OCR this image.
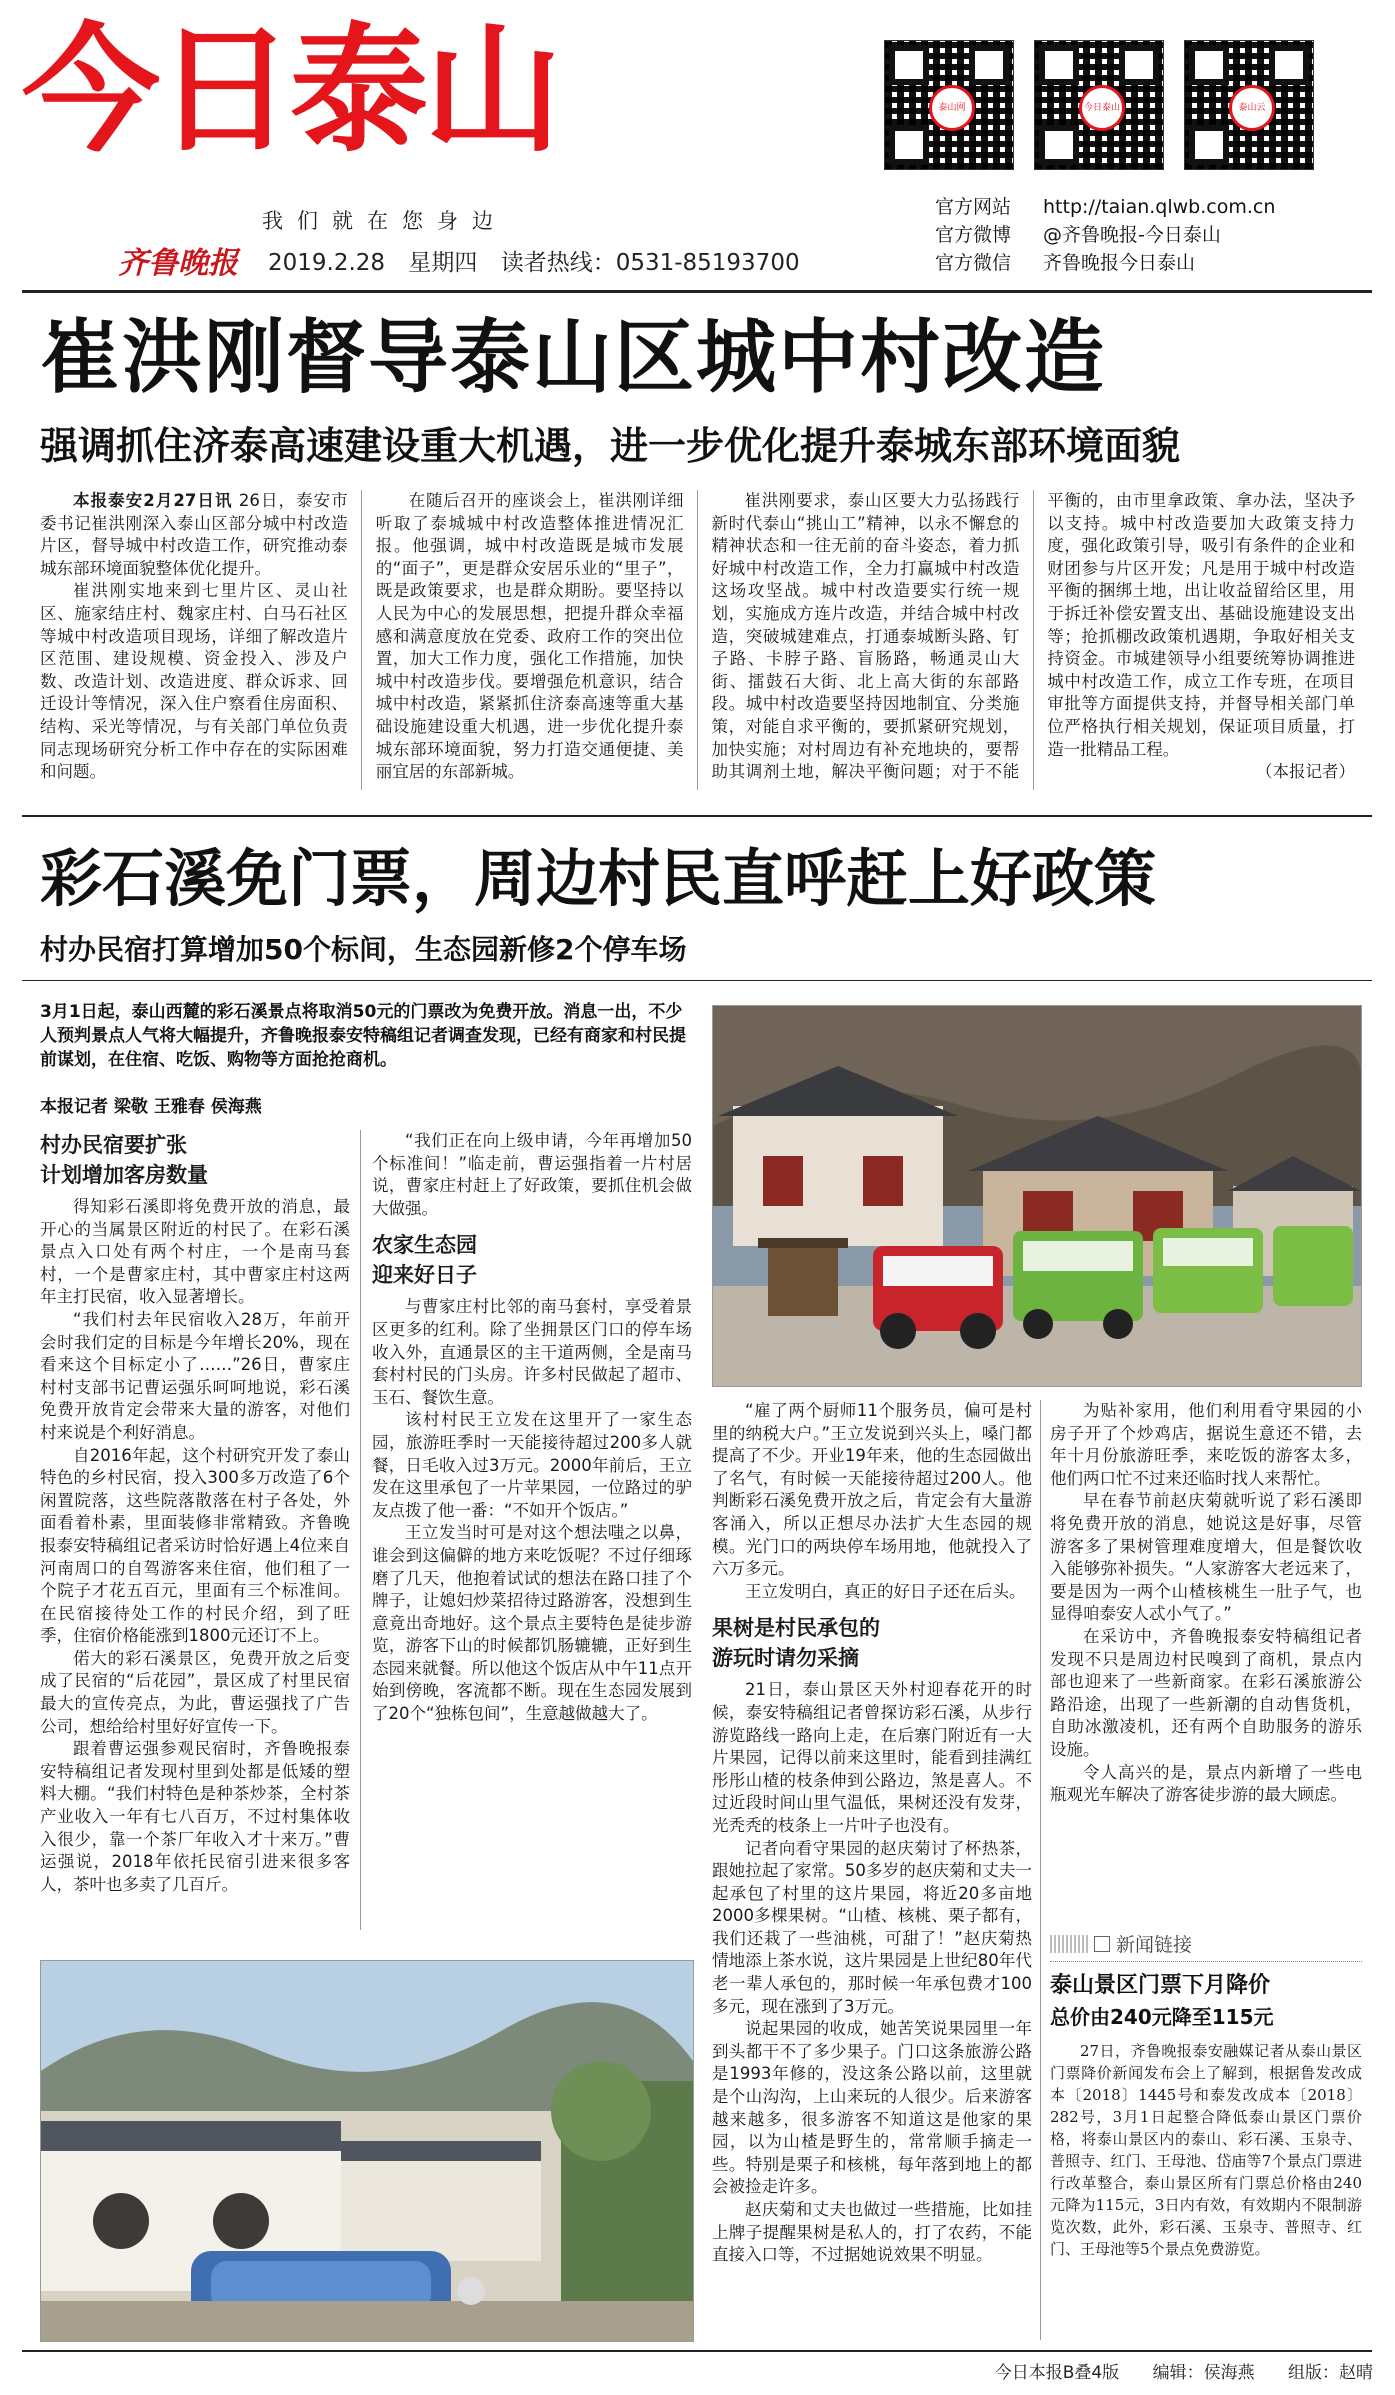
今日泰山
我们就在您身边
齐鲁晚报 2019.2.28 星期四 读者热线：0531-85193700
泰山网	今日泰山	泰山云
官方网站 http://taian.qlwb.com.cn
官方微博 @齐鲁晚报-今日泰山
官方微信 齐鲁晚报今日泰山
崔洪刚督导泰山区城中村改造
强调抓住济泰高速建设重大机遇，进一步优化提升泰城东部环境面貌

本报泰安2月27日讯 26日，泰安市委书记崔洪刚深入泰山区部分城中村改造片区，督导城中村改造工作，研究推动泰城东部环境面貌整体优化提升。

崔洪刚实地来到七里片区、灵山社区、施家结庄村、魏家庄村、白马石社区等城中村改造项目现场，详细了解改造片区范围、建设规模、资金投入、涉及户数、改造计划、改造进度、群众诉求、回迁设计等情况，深入住户察看住房面积、结构、采光等情况，与有关部门单位负责同志现场研究分析工作中存在的实际困难和问题。

在随后召开的座谈会上，崔洪刚详细听取了泰城城中村改造整体推进情况汇报。他强调，城中村改造既是城市发展的“面子”，更是群众安居乐业的“里子”，既是政策要求，也是群众期盼。要坚持以人民为中心的发展思想，把提升群众幸福感和满意度放在党委、政府工作的突出位置，加大工作力度，强化工作措施，加快城中村改造步伐。要增强危机意识，结合城中村改造，紧紧抓住济泰高速等重大基础设施建设重大机遇，进一步优化提升泰城东部环境面貌，努力打造交通便捷、美丽宜居的东部新城。

崔洪刚要求，泰山区要大力弘扬践行新时代泰山“挑山工”精神，以永不懈怠的精神状态和一往无前的奋斗姿态，着力抓好城中村改造工作，全力打赢城中村改造这场攻坚战。城中村改造要实行统一规划，实施成方连片改造，并结合城中村改造，突破城建难点，打通泰城断头路、钉子路、卡脖子路、盲肠路，畅通灵山大街、擂鼓石大街、北上高大街的东部路段。城中村改造要坚持因地制宜、分类施策，对能自求平衡的，要抓紧研究规划，加快实施；对村周边有补充地块的，要帮助其调剂土地，解决平衡问题；对于不能平衡的，由市里拿政策、拿办法，坚决予以支持。城中村改造要加大政策支持力度，强化政策引导，吸引有条件的企业和财团参与片区开发；凡是用于城中村改造平衡的捆绑土地，出让收益留给区里，用于拆迁补偿安置支出、基础设施建设支出等；抢抓棚改政策机遇期，争取好相关支持资金。市城建领导小组要统筹协调推进城中村改造工作，成立工作专班，在项目审批等方面提供支持，并督导相关部门单位严格执行相关规划，保证项目质量，打造一批精品工程。

（本报记者）

彩石溪免门票，周边村民直呼赶上好政策
村办民宿打算增加50个标间，生态园新修2个停车场
3月1日起，泰山西麓的彩石溪景点将取消50元的门票改为免费开放。消息一出，不少人预判景点人气将大幅提升，齐鲁晚报泰安特稿组记者调查发现，已经有商家和村民提前谋划，在住宿、吃饭、购物等方面抢抢商机。
本报记者 梁敬 王雅春 侯海燕
村办民宿要扩张
计划增加客房数量

得知彩石溪即将免费开放的消息，最开心的当属景区附近的村民了。在彩石溪景点入口处有两个村庄，一个是南马套村，一个是曹家庄村，其中曹家庄村这两年主打民宿，收入显著增长。

“我们村去年民宿收入28万，年前开会时我们定的目标是今年增长20%，现在看来这个目标定小了……”26日，曹家庄村村支部书记曹运强乐呵呵地说，彩石溪免费开放肯定会带来大量的游客，对他们村来说是个利好消息。

自2016年起，这个村研究开发了泰山特色的乡村民宿，投入300多万改造了6个闲置院落，这些院落散落在村子各处，外面看着朴素，里面装修非常精致。齐鲁晚报泰安特稿组记者采访时恰好遇上4位来自河南周口的自驾游客来住宿，他们租了一个院子才花五百元，里面有三个标准间。在民宿接待处工作的村民介绍，到了旺季，住宿价格能涨到1800元还订不上。

偌大的彩石溪景区，免费开放之后变成了民宿的“后花园”，景区成了村里民宿最大的宣传亮点，为此，曹运强找了广告公司，想给给村里好好宣传一下。

跟着曹运强参观民宿时，齐鲁晚报泰安特稿组记者发现村里到处都是低矮的塑料大棚。“我们村特色是种茶炒茶，全村茶产业收入一年有七八百万，不过村集体收入很少，靠一个茶厂年收入才十来万。”曹运强说，2018年依托民宿引进来很多客人，茶叶也多卖了几百斤。

“我们正在向上级申请，今年再增加50个标准间！”临走前，曹运强指着一片村居说，曹家庄村赶上了好政策，要抓住机会做大做强。

农家生态园
迎来好日子

与曹家庄村比邻的南马套村，享受着景区更多的红利。除了坐拥景区门口的停车场收入外，直通景区的主干道两侧，全是南马套村村民的门头房。许多村民做起了超市、玉石、餐饮生意。

该村村民王立发在这里开了一家生态园，旅游旺季时一天能接待超过200多人就餐，日毛收入过3万元。2000年前后，王立发在这里承包了一片苹果园，一位路过的驴友点拨了他一番：“不如开个饭店。”

王立发当时可是对这个想法嗤之以鼻，谁会到这偏僻的地方来吃饭呢？不过仔细琢磨了几天，他抱着试试的想法在路口挂了个牌子，让媳妇炒菜招待过路游客，没想到生意竟出奇地好。这个景点主要特色是徒步游览，游客下山的时候都饥肠辘辘，正好到生态园来就餐。所以他这个饭店从中午11点开始到傍晚，客流都不断。现在生态园发展到了20个“独栋包间”，生意越做越大了。

“雇了两个厨师11个服务员，偏可是村里的纳税大户。”王立发说到兴头上，嗓门都提高了不少。开业19年来，他的生态园做出了名气，有时候一天能接待超过200人。他判断彩石溪免费开放之后，肯定会有大量游客涌入，所以正想尽办法扩大生态园的规模。光门口的两块停车场用地，他就投入了六万多元。

王立发明白，真正的好日子还在后头。

果树是村民承包的
游玩时请勿采摘

21日，泰山景区天外村迎春花开的时候，泰安特稿组记者曾探访彩石溪，从步行游览路线一路向上走，在后寨门附近有一大片果园，记得以前来这里时，能看到挂满红彤彤山楂的枝条伸到公路边，煞是喜人。不过近段时间山里气温低，果树还没有发芽，光秃秃的枝条上一片叶子也没有。

记者向看守果园的赵庆菊讨了杯热茶，跟她拉起了家常。50多岁的赵庆菊和丈夫一起承包了村里的这片果园，将近20多亩地2000多棵果树。“山楂、核桃、栗子都有，我们还栽了一些油桃，可甜了！”赵庆菊热情地添上茶水说，这片果园是上世纪80年代老一辈人承包的，那时候一年承包费才100多元，现在涨到了3万元。

说起果园的收成，她苦笑说果园里一年到头都干不了多少果子。门口这条旅游公路是1993年修的，没这条公路以前，这里就是个山沟沟，上山来玩的人很少。后来游客越来越多，很多游客不知道这是他家的果园，以为山楂是野生的，常常顺手摘走一些。特别是栗子和核桃，每年落到地上的都会被捡走许多。

赵庆菊和丈夫也做过一些措施，比如挂上牌子提醒果树是私人的，打了农药，不能直接入口等，不过据她说效果不明显。

为贴补家用，他们利用看守果园的小房子开了个炒鸡店，据说生意还不错，去年十月份旅游旺季，来吃饭的游客太多，他们两口忙不过来还临时找人来帮忙。

早在春节前赵庆菊就听说了彩石溪即将免费开放的消息，她说这是好事，尽管游客多了果树管理难度增大，但是餐饮收入能够弥补损失。“人家游客大老远来了，要是因为一两个山楂核桃生一肚子气，也显得咱泰安人忒小气了。”

在采访中，齐鲁晚报泰安特稿组记者发现不只是周边村民嗅到了商机，景点内部也迎来了一些新商家。在彩石溪旅游公路沿途，出现了一些新潮的自动售货机，自助冰激凌机，还有两个自助服务的游乐设施。

令人高兴的是，景点内新增了一些电瓶观光车解决了游客徒步游的最大顾虑。

新闻链接
泰山景区门票下月降价
总价由240元降至115元

27日，齐鲁晚报泰安融媒记者从泰山景区门票降价新闻发布会上了解到，根据鲁发改成本〔2018〕1445号和泰发改成本〔2018〕282号，3月1日起整合降低泰山景区门票价格，将泰山景区内的泰山、彩石溪、玉泉寺、普照寺、红门、王母池、岱庙等7个景点门票进行改革整合，泰山景区所有门票总价格由240元降为115元，3日内有效，有效期内不限制游览次数，此外，彩石溪、玉泉寺、普照寺、红门、王母池等5个景点免费游览。

今日本报B叠4版 编辑：侯海燕 组版：赵晴
